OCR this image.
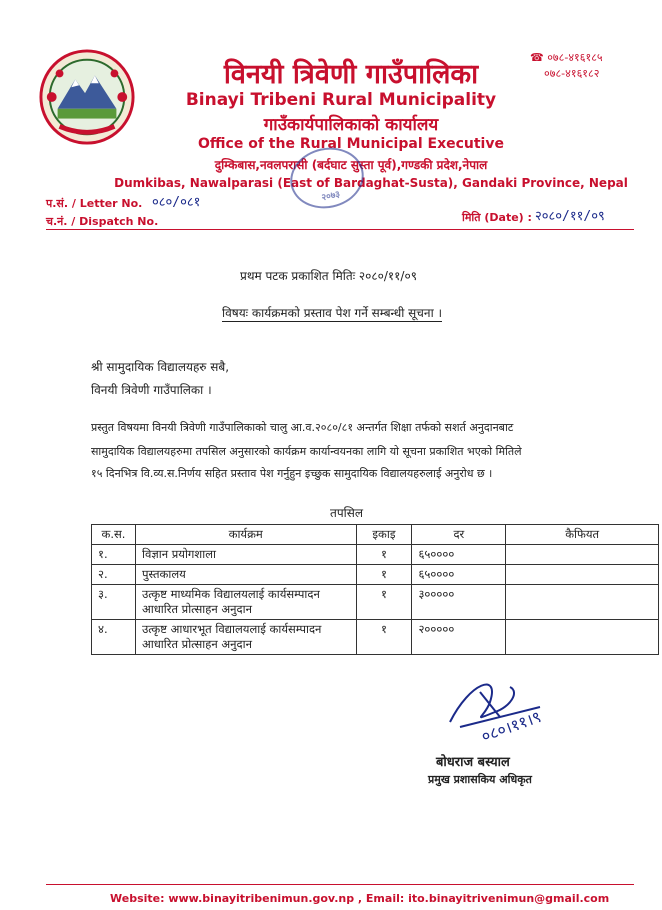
☎ ०७८-४१६१८५
०७८-४१६१८२
विनयी त्रिवेणी गाउँपालिका
Binayi Tribeni Rural Municipality
गाउँकार्यपालिकाको कार्यालय
Office of the Rural Municipal Executive
दुम्किबास,नवलपरासी (बर्दघाट सुस्ता पूर्व),गण्डकी प्रदेश,नेपाल
Dumkibas, Nawalparasi (East of Bardaghat-Susta), Gandaki Province, Nepal
२०७३
प.सं. / Letter No. ०८०/०८१
च.नं. / Dispatch No.	मिति (Date) : २०८०/११/०९
प्रथम पटक प्रकाशित मितिः २०८०/११/०९
विषयः कार्यक्रमको प्रस्ताव पेश गर्ने सम्बन्धी सूचना ।
श्री सामुदायिक विद्यालयहरु सबै,
विनयी त्रिवेणी गाउँपालिका ।
प्रस्तुत विषयमा विनयी त्रिवेणी गाउँपालिकाको चालु आ.व.२०८०/८१ अन्तर्गत शिक्षा तर्फको सशर्त अनुदानबाट
सामुदायिक विद्यालयहरुमा तपसिल अनुसारको कार्यक्रम कार्यान्वयनका लागि यो सूचना प्रकाशित भएको मितिले
१५ दिनभित्र वि.व्य.स.निर्णय सहित प्रस्ताव पेश गर्नुहुन इच्छुक सामुदायिक विद्यालयहरुलाई अनुरोध छ ।
तपसिल
क.स.	कार्यक्रम	इकाइ	दर	कैफियत
१.	विज्ञान प्रयोगशाला	१	६५००००	
२.	पुस्तकालय	१	६५००००	
३.	उत्कृष्ट माध्यमिक विद्यालयलाई कार्यसम्पादन
आधारित प्रोत्साहन अनुदान	१	३०००००	
४.	उत्कृष्ट आधारभूत विद्यालयलाई कार्यसम्पादन
आधारित प्रोत्साहन अनुदान	१	२०००००	
०८०।११।९
बोधराज बस्याल
प्रमुख प्रशासकिय अधिकृत
Website: www.binayitribenimun.gov.np , Email: ito.binayitrivenimun@gmail.com
